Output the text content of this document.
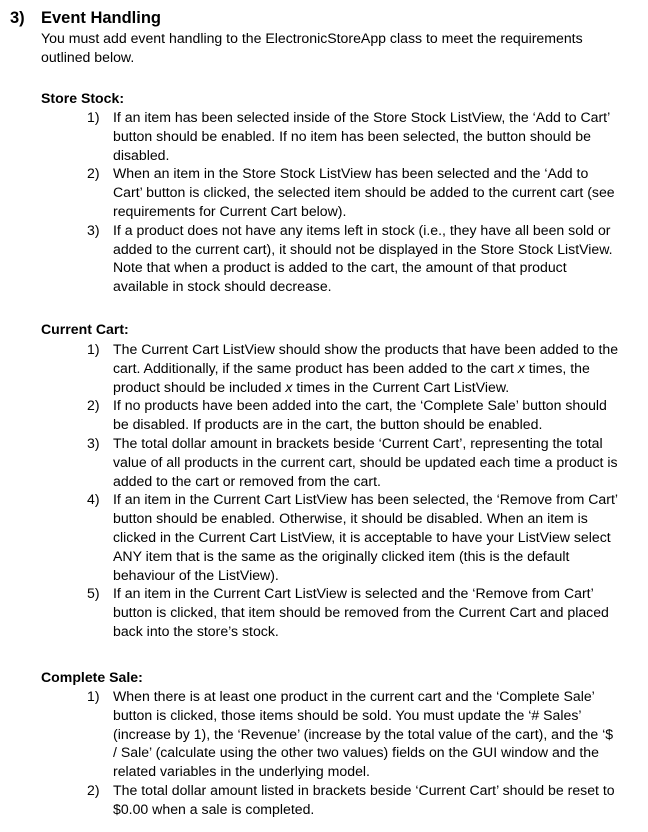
3) Event Handling

You must add event handling to the ElectronicStoreApp class to meet the requirements outlined below.

Store Stock:

1) If an item has been selected inside of the Store Stock ListView, the ‘Add to Cart’ button should be enabled. If no item has been selected, the button should be disabled.
2) When an item in the Store Stock ListView has been selected and the ‘Add to Cart’ button is clicked, the selected item should be added to the current cart (see requirements for Current Cart below).
3) If a product does not have any items left in stock (i.e., they have all been sold or added to the current cart), it should not be displayed in the Store Stock ListView. Note that when a product is added to the cart, the amount of that product available in stock should decrease.

Current Cart:

1) The Current Cart ListView should show the products that have been added to the cart. Additionally, if the same product has been added to the cart x times, the product should be included x times in the Current Cart ListView.
2) If no products have been added into the cart, the ‘Complete Sale’ button should be disabled. If products are in the cart, the button should be enabled.
3) The total dollar amount in brackets beside ‘Current Cart’, representing the total value of all products in the current cart, should be updated each time a product is added to the cart or removed from the cart.
4) If an item in the Current Cart ListView has been selected, the ‘Remove from Cart’ button should be enabled. Otherwise, it should be disabled. When an item is clicked in the Current Cart ListView, it is acceptable to have your ListView select ANY item that is the same as the originally clicked item (this is the default behaviour of the ListView).
5) If an item in the Current Cart ListView is selected and the ‘Remove from Cart’ button is clicked, that item should be removed from the Current Cart and placed back into the store’s stock.

Complete Sale:

1) When there is at least one product in the current cart and the ‘Complete Sale’ button is clicked, those items should be sold. You must update the ‘# Sales’ (increase by 1), the ‘Revenue’ (increase by the total value of the cart), and the ‘$ / Sale’ (calculate using the other two values) fields on the GUI window and the related variables in the underlying model.
2) The total dollar amount listed in brackets beside ‘Current Cart’ should be reset to $0.00 when a sale is completed.
